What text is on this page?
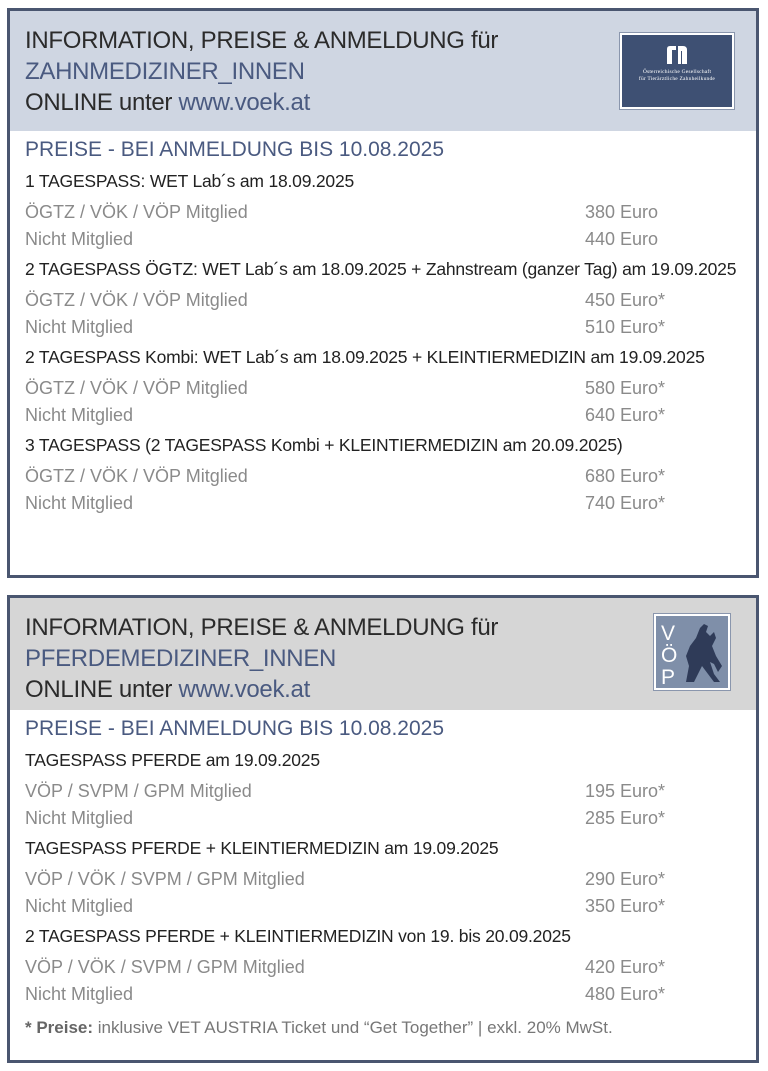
INFORMATION, PREISE & ANMELDUNG für
ZAHNMEDIZINER_INNEN
ONLINE unter www.voek.at
Österreichische Gesellschaft
für Tierärztliche Zahnheilkunde
PREISE - BEI ANMELDUNG BIS 10.08.2025
1 TAGESPASS: WET Lab´s am 18.09.2025
ÖGTZ / VÖK / VÖP Mitglied	380 Euro
Nicht Mitglied	440 Euro
2 TAGESPASS ÖGTZ: WET Lab´s am 18.09.2025 + Zahnstream (ganzer Tag) am 19.09.2025
ÖGTZ / VÖK / VÖP Mitglied	450 Euro*
Nicht Mitglied	510 Euro*
2 TAGESPASS Kombi: WET Lab´s am 18.09.2025 + KLEINTIERMEDIZIN am 19.09.2025
ÖGTZ / VÖK / VÖP Mitglied	580 Euro*
Nicht Mitglied	640 Euro*
3 TAGESPASS (2 TAGESPASS Kombi + KLEINTIERMEDIZIN am 20.09.2025)
ÖGTZ / VÖK / VÖP Mitglied	680 Euro*
Nicht Mitglied	740 Euro*
INFORMATION, PREISE & ANMELDUNG für
PFERDEMEDIZINER_INNEN
ONLINE unter www.voek.at
V
Ö
P
PREISE - BEI ANMELDUNG BIS 10.08.2025
TAGESPASS PFERDE am 19.09.2025
VÖP / SVPM / GPM Mitglied	195 Euro*
Nicht Mitglied	285 Euro*
TAGESPASS PFERDE + KLEINTIERMEDIZIN am 19.09.2025
VÖP / VÖK / SVPM / GPM Mitglied	290 Euro*
Nicht Mitglied	350 Euro*
2 TAGESPASS PFERDE + KLEINTIERMEDIZIN von 19. bis 20.09.2025
VÖP / VÖK / SVPM / GPM Mitglied	420 Euro*
Nicht Mitglied	480 Euro*
* Preise: inklusive VET AUSTRIA Ticket und “Get Together” | exkl. 20% MwSt.
